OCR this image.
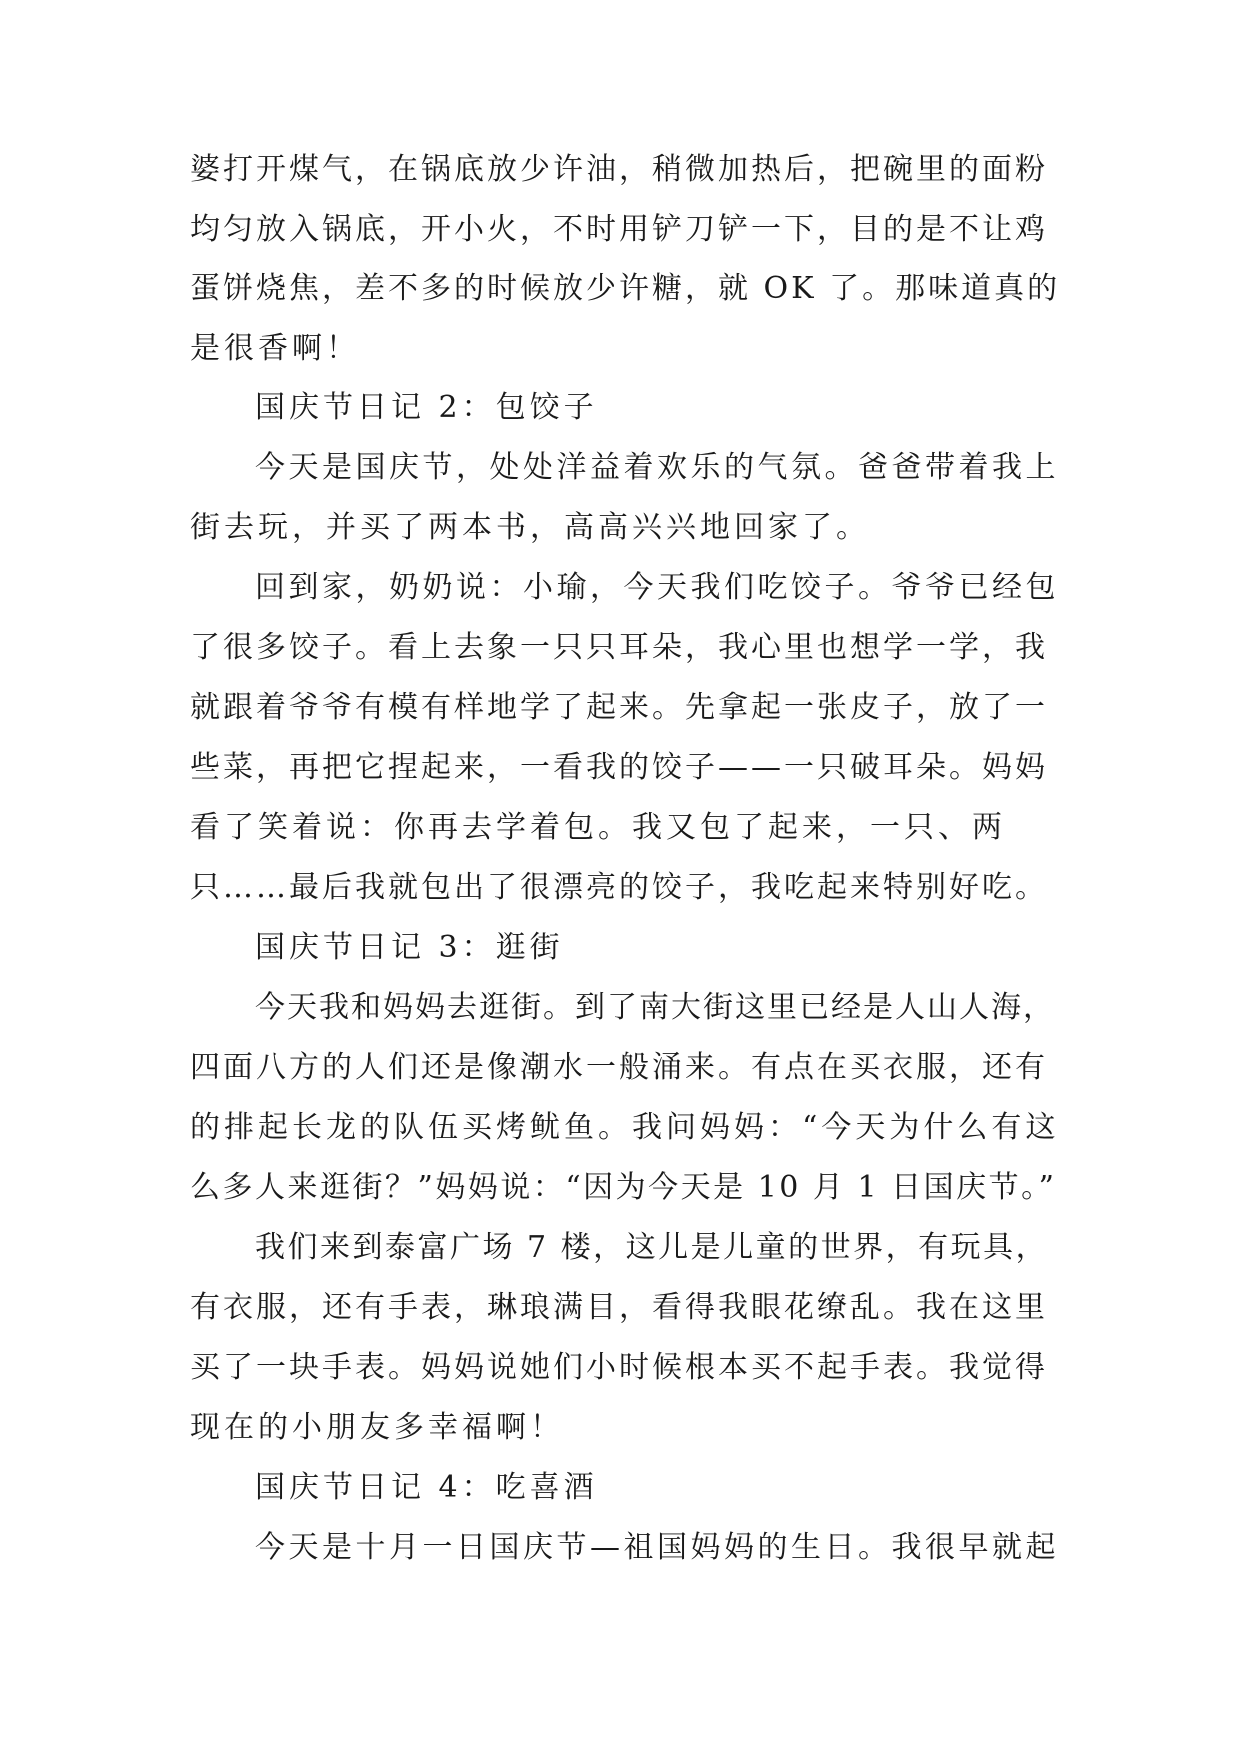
婆打开煤气，在锅底放少许油，稍微加热后，把碗里的面粉
均匀放入锅底，开小火，不时用铲刀铲一下，目的是不让鸡
蛋饼烧焦，差不多的时候放少许糖，就 OK 了。那味道真的
是很香啊！
国庆节日记 2：包饺子
今天是国庆节，处处洋益着欢乐的气氛。爸爸带着我上
街去玩，并买了两本书，高高兴兴地回家了。
回到家，奶奶说：小瑜，今天我们吃饺子。爷爷已经包
了很多饺子。看上去象一只只耳朵，我心里也想学一学，我
就跟着爷爷有模有样地学了起来。先拿起一张皮子，放了一
些菜，再把它捏起来，一看我的饺子——一只破耳朵。妈妈
看了笑着说：你再去学着包。我又包了起来，一只、两
只……最后我就包出了很漂亮的饺子，我吃起来特别好吃。
国庆节日记 3：逛街
今天我和妈妈去逛街。到了南大街这里已经是人山人海，
四面八方的人们还是像潮水一般涌来。有点在买衣服，还有
的排起长龙的队伍买烤鱿鱼。我问妈妈：“今天为什么有这
么多人来逛街？”妈妈说：“因为今天是 10 月 1 日国庆节。”
我们来到泰富广场 7 楼，这儿是儿童的世界，有玩具，
有衣服，还有手表，琳琅满目，看得我眼花缭乱。我在这里
买了一块手表。妈妈说她们小时候根本买不起手表。我觉得
现在的小朋友多幸福啊！
国庆节日记 4：吃喜酒
今天是十月一日国庆节—祖国妈妈的生日。我很早就起
